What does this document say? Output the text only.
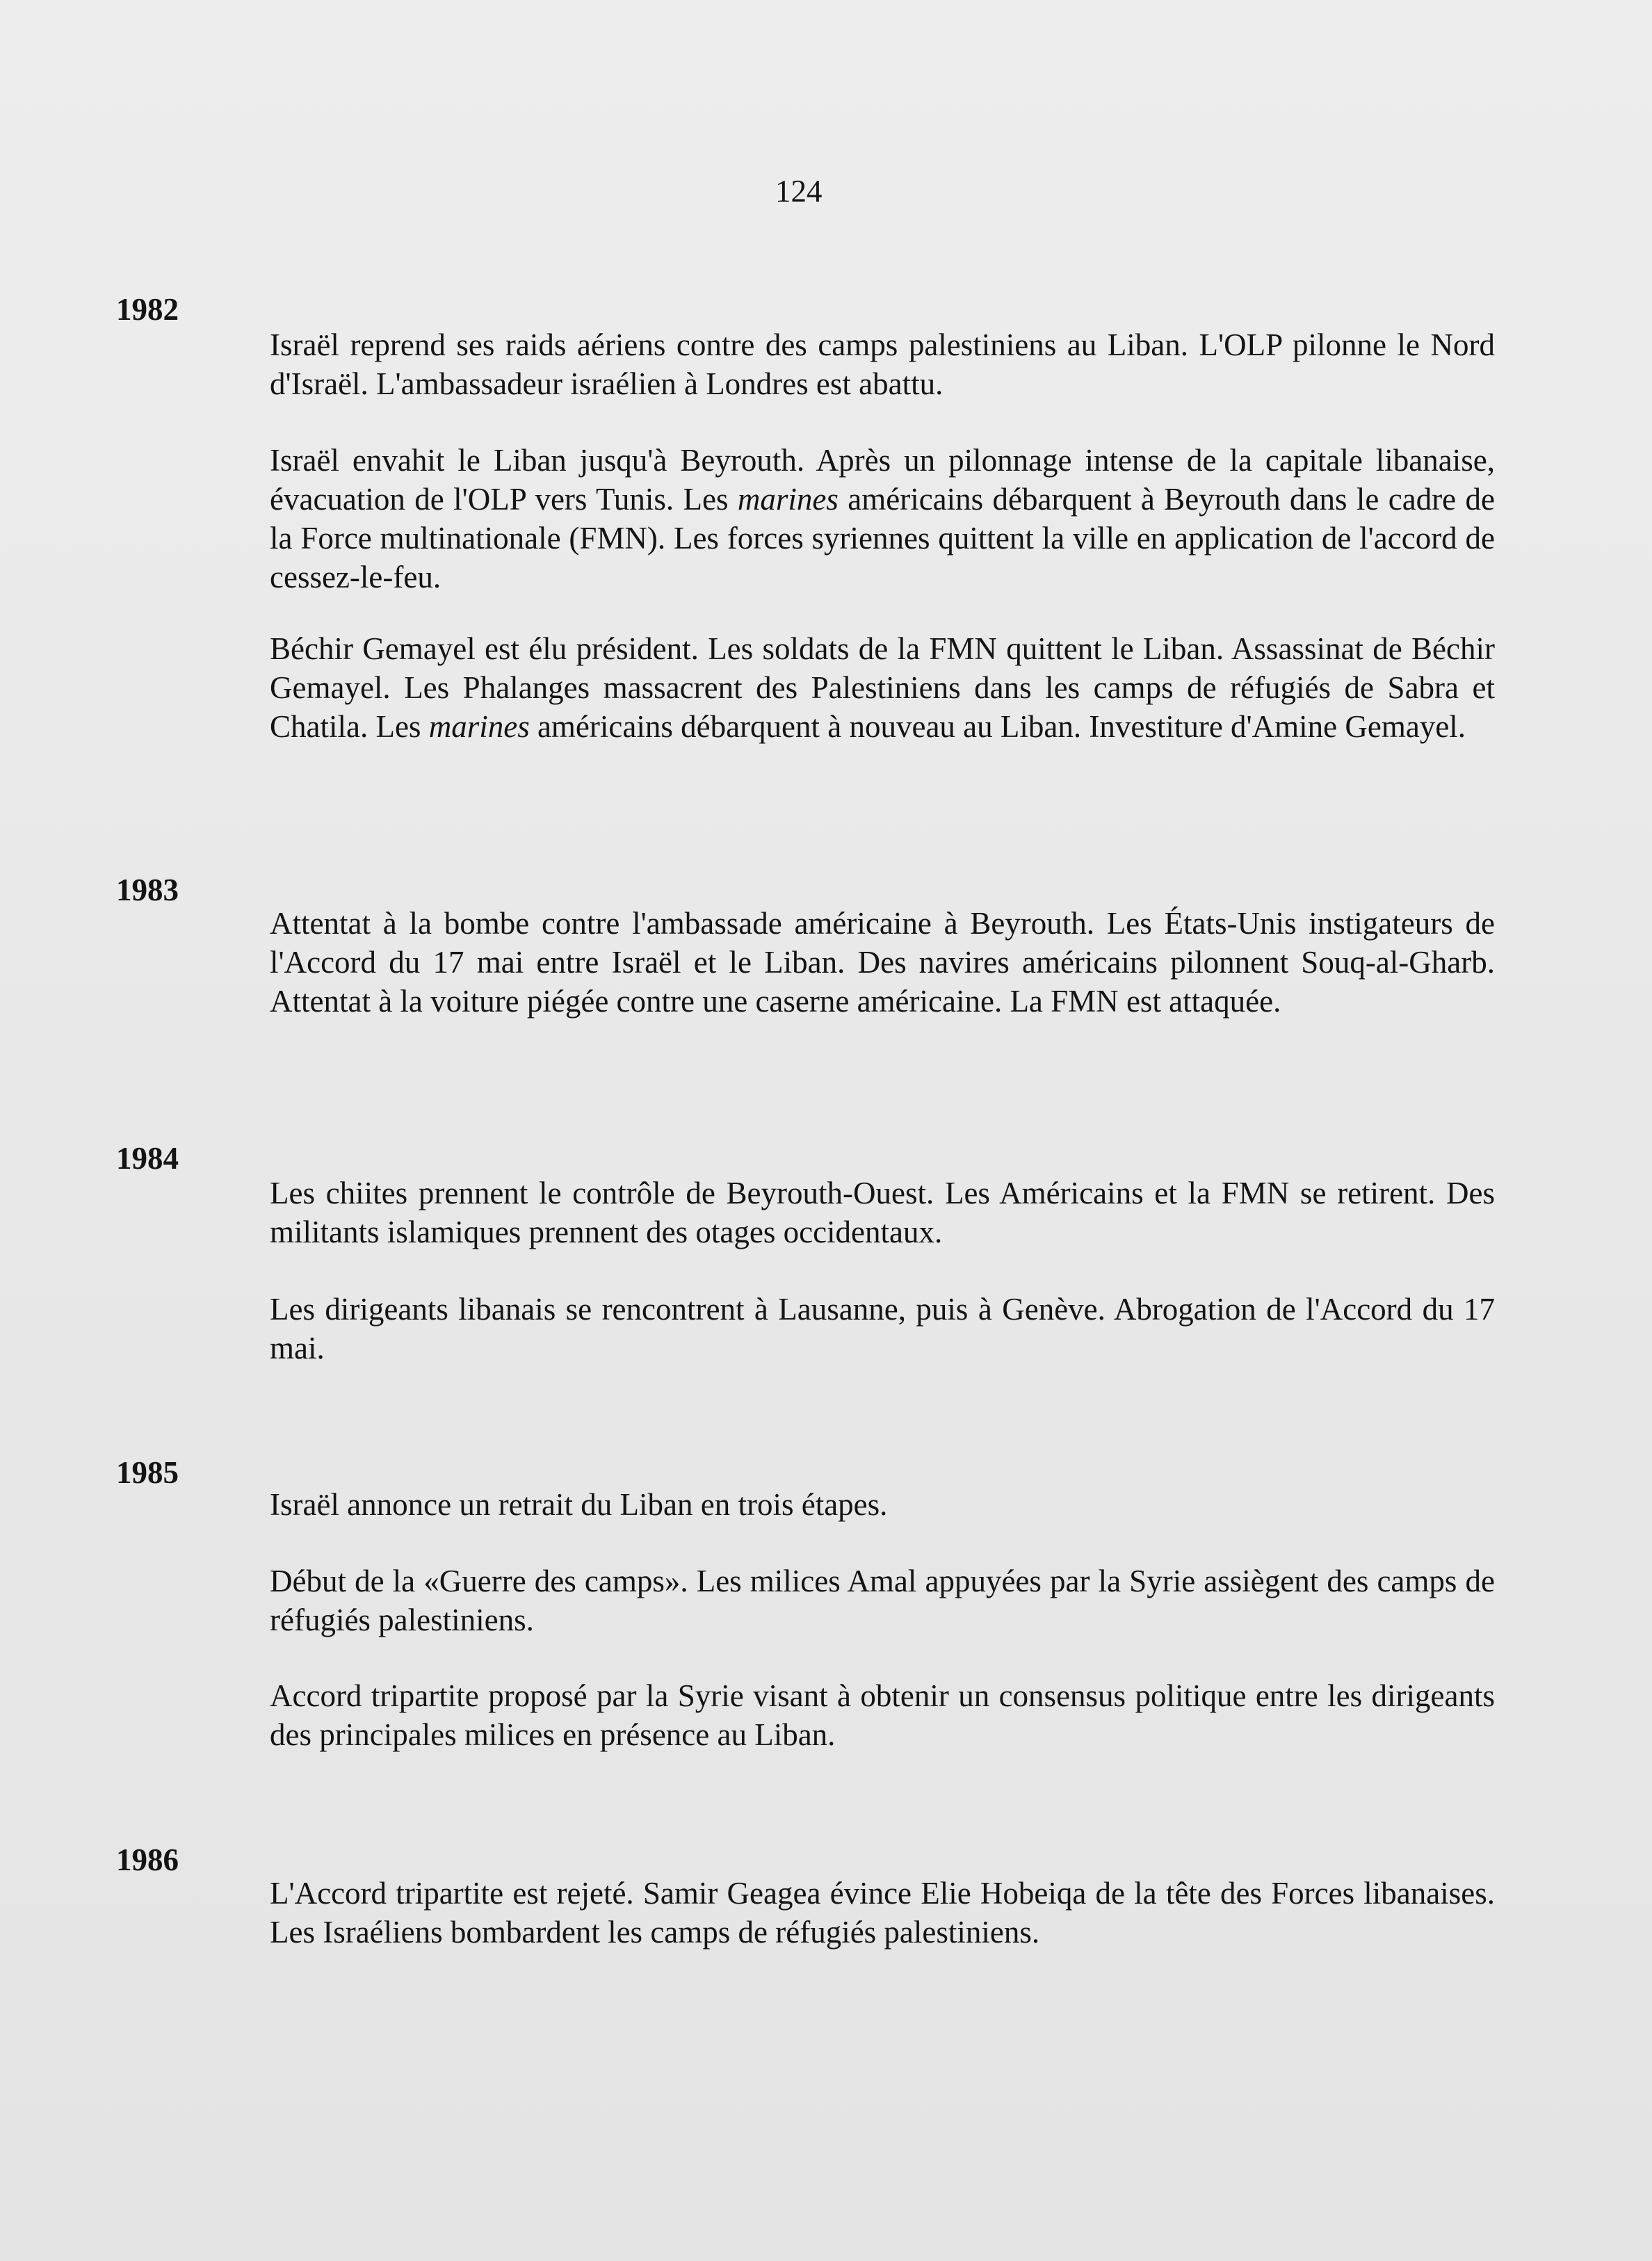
124
1982

Israël reprend ses raids aériens contre des camps palestiniens au Liban. L'OLP pilonne le Nord d'Israël. L'ambassadeur israélien à Londres est abattu.

Israël envahit le Liban jusqu'à Beyrouth. Après un pilonnage intense de la capitale libanaise, évacuation de l'OLP vers Tunis. Les marines américains débarquent à Beyrouth dans le cadre de la Force multinationale (FMN). Les forces syriennes quittent la ville en application de l'accord de cessez-le-feu.

Béchir Gemayel est élu président. Les soldats de la FMN quittent le Liban. Assassinat de Béchir Gemayel. Les Phalanges massacrent des Palestiniens dans les camps de réfugiés de Sabra et Chatila. Les marines américains débarquent à nouveau au Liban. Investiture d'Amine Gemayel.

1983

Attentat à la bombe contre l'ambassade américaine à Beyrouth. Les États-Unis instigateurs de l'Accord du 17 mai entre Israël et le Liban. Des navires américains pilonnent Souq-al-Gharb. Attentat à la voiture piégée contre une caserne américaine. La FMN est attaquée.

1984

Les chiites prennent le contrôle de Beyrouth-Ouest. Les Américains et la FMN se retirent. Des militants islamiques prennent des otages occidentaux.

Les dirigeants libanais se rencontrent à Lausanne, puis à Genève. Abrogation de l'Accord du 17 mai.

1985

Israël annonce un retrait du Liban en trois étapes.

Début de la «Guerre des camps». Les milices Amal appuyées par la Syrie assiègent des camps de réfugiés palestiniens.

Accord tripartite proposé par la Syrie visant à obtenir un consensus politique entre les dirigeants des principales milices en présence au Liban.

1986

L'Accord tripartite est rejeté. Samir Geagea évince Elie Hobeiqa de la tête des Forces libanaises. Les Israéliens bombardent les camps de réfugiés palestiniens.
